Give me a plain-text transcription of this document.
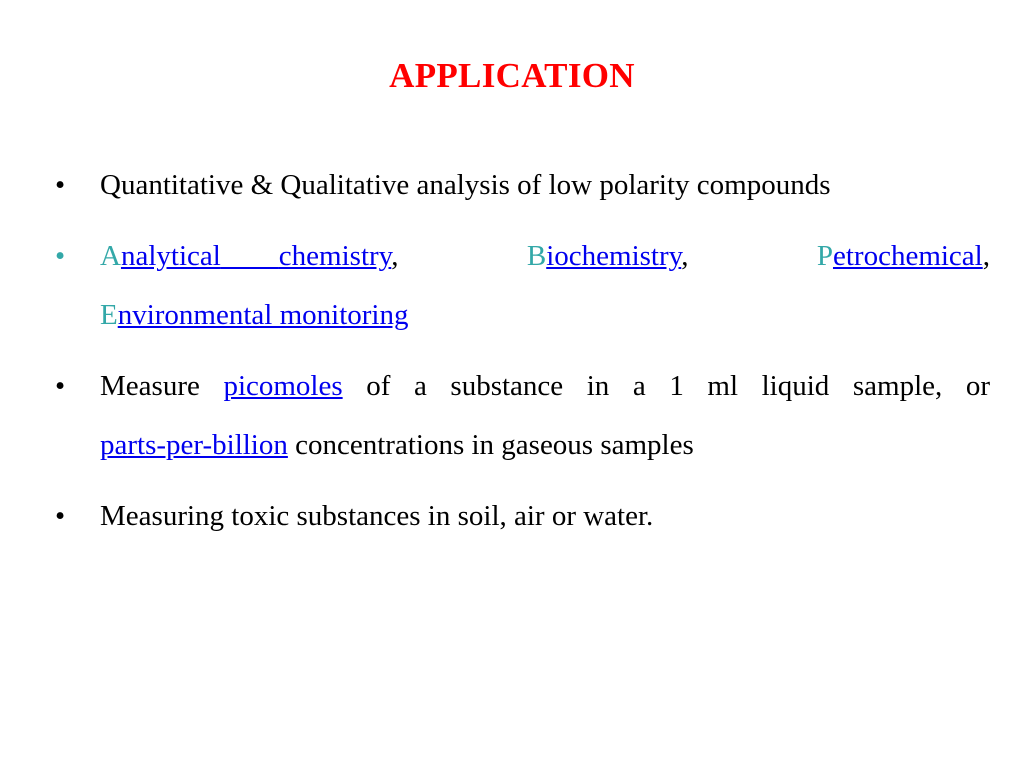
APPLICATION
•	Quantitative & Qualitative analysis of low polarity compounds
•	Analytical chemistry,	Biochemistry,	Petrochemical,
Environmental monitoring
•	Measure picomoles of a substance in a 1 ml liquid sample, or
parts-per-billion concentrations in gaseous samples
•	Measuring toxic substances in soil, air or water.
